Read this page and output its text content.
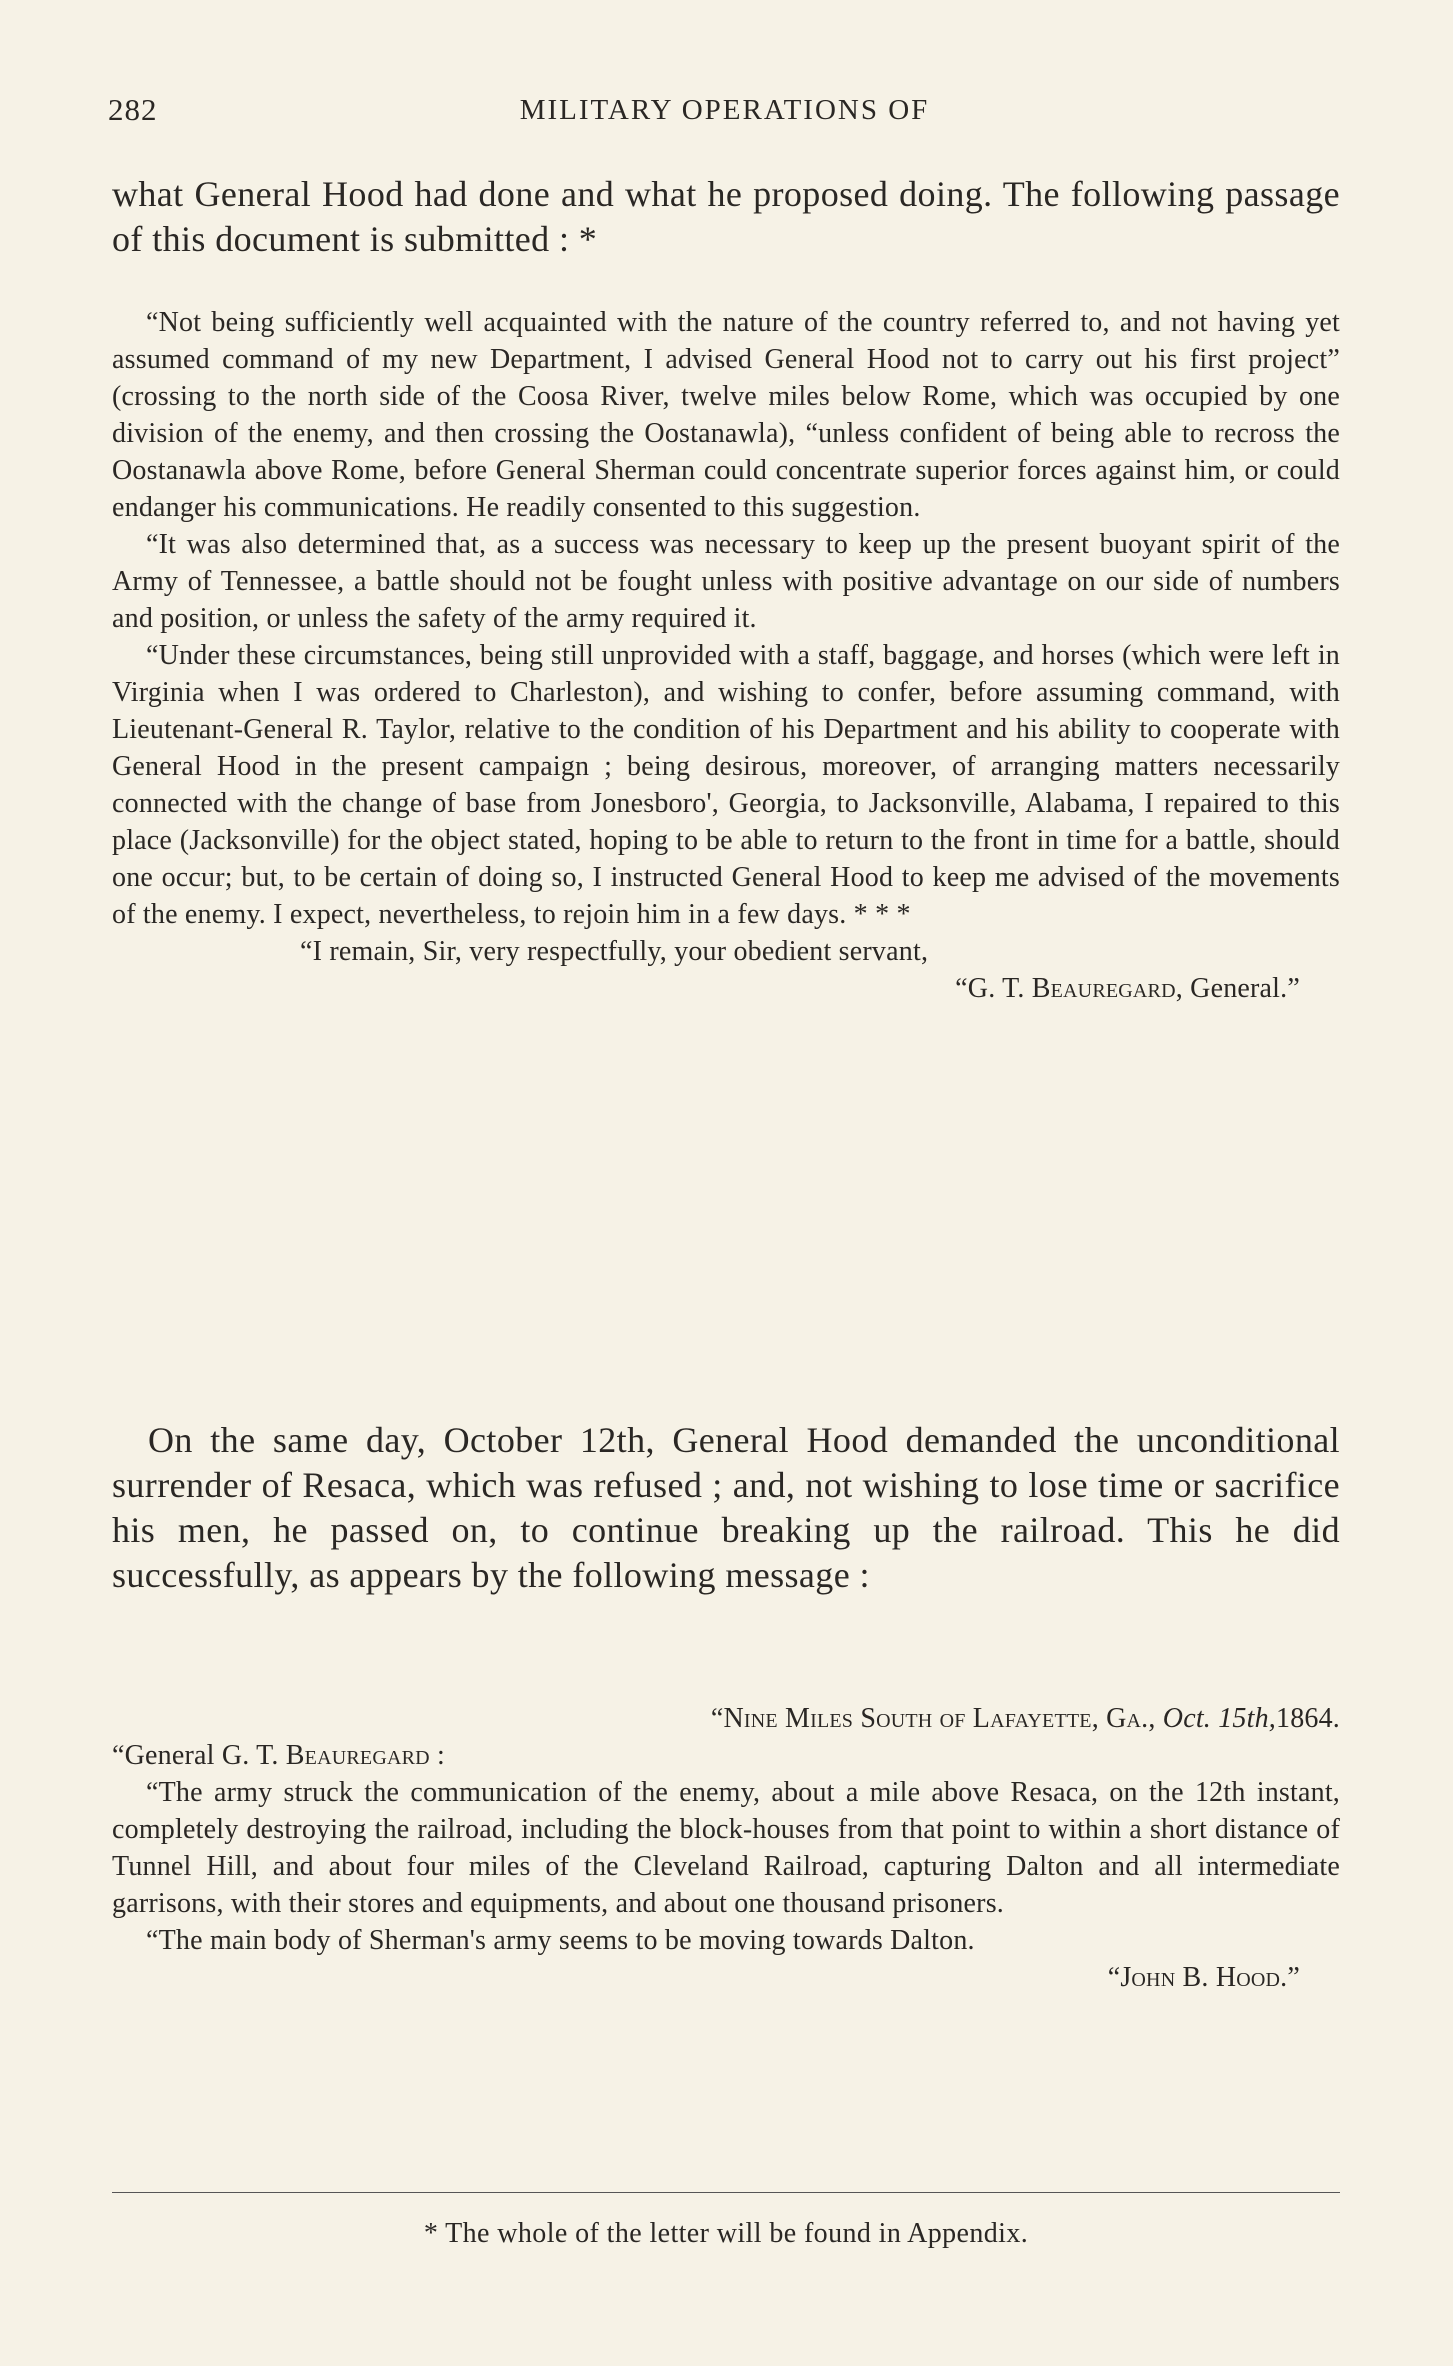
282	MILITARY OPERATIONS OF

what General Hood had done and what he proposed doing. The following passage of this document is submitted : *

“Not being sufficiently well acquainted with the nature of the country referred to, and not having yet assumed command of my new Department, I advised General Hood not to carry out his first project” (crossing to the north side of the Coosa River, twelve miles below Rome, which was occupied by one division of the enemy, and then crossing the Oostanawla), “unless confident of being able to recross the Oostanawla above Rome, before General Sherman could concentrate superior forces against him, or could endanger his communications. He readily consented to this suggestion.

“It was also determined that, as a success was necessary to keep up the present buoyant spirit of the Army of Tennessee, a battle should not be fought unless with positive advantage on our side of numbers and position, or unless the safety of the army required it.

“Under these circumstances, being still unprovided with a staff, baggage, and horses (which were left in Virginia when I was ordered to Charleston), and wishing to confer, before assuming command, with Lieutenant-General R. Taylor, relative to the condition of his Department and his ability to cooperate with General Hood in the present campaign ; being desirous, moreover, of arranging matters necessarily connected with the change of base from Jonesboro', Georgia, to Jacksonville, Alabama, I repaired to this place (Jacksonville) for the object stated, hoping to be able to return to the front in time for a battle, should one occur; but, to be certain of doing so, I instructed General Hood to keep me advised of the movements of the enemy. I expect, nevertheless, to rejoin him in a few days. * * *

“I remain, Sir, very respectfully, your obedient servant,

“G. T. Beauregard, General.”

On the same day, October 12th, General Hood demanded the unconditional surrender of Resaca, which was refused ; and, not wishing to lose time or sacrifice his men, he passed on, to continue breaking up the railroad. This he did successfully, as appears by the following message :

“Nine Miles South of Lafayette, Ga., Oct. 15th,1864.

“General G. T. Beauregard :

“The army struck the communication of the enemy, about a mile above Resaca, on the 12th instant, completely destroying the railroad, including the block-houses from that point to within a short distance of Tunnel Hill, and about four miles of the Cleveland Railroad, capturing Dalton and all intermediate garrisons, with their stores and equipments, and about one thousand prisoners.

“The main body of Sherman's army seems to be moving towards Dalton.

“John B. Hood.”

* The whole of the letter will be found in Appendix.
